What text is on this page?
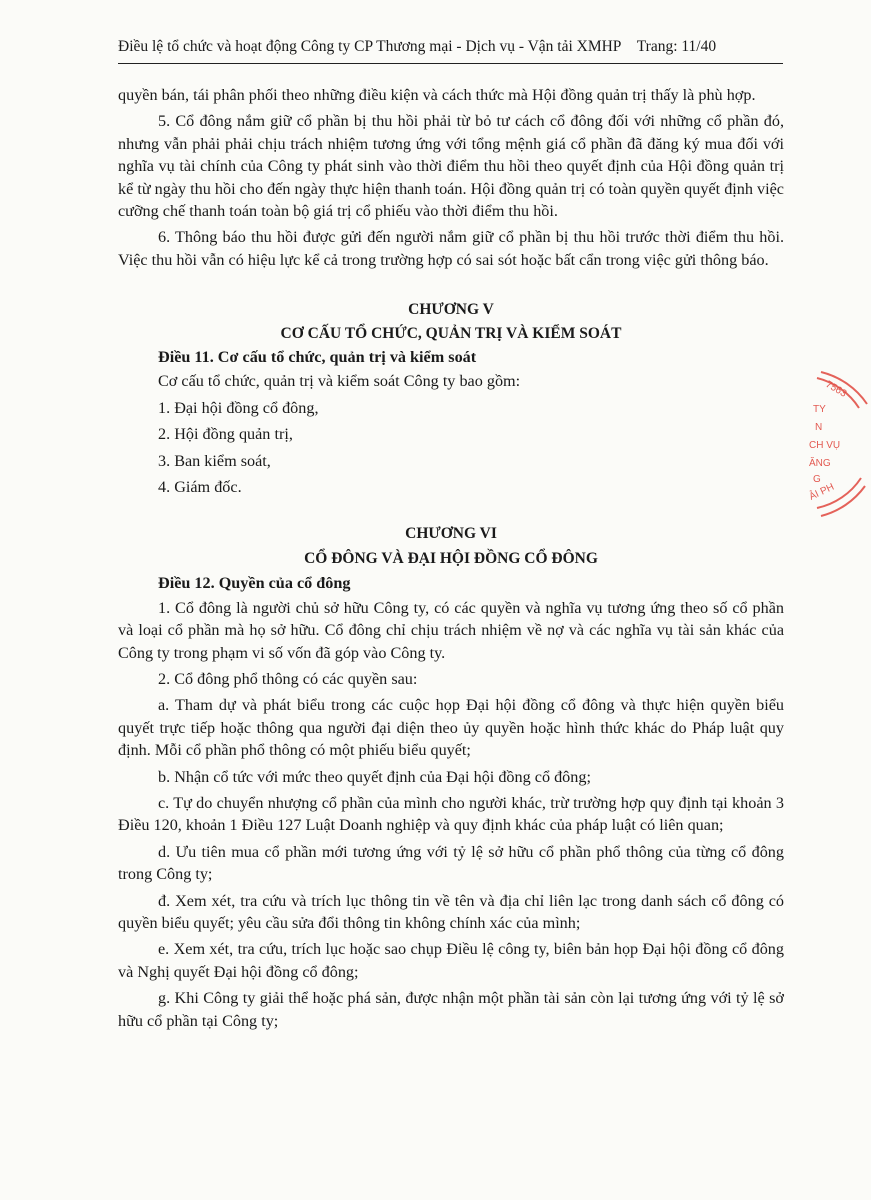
Điều lệ tổ chức và hoạt động Công ty CP Thương mại - Dịch vụ - Vận tải XMHP Trang: 11/40

quyền bán, tái phân phối theo những điều kiện và cách thức mà Hội đồng quản trị thấy là phù hợp.

5. Cổ đông nắm giữ cổ phần bị thu hồi phải từ bỏ tư cách cổ đông đối với những cổ phần đó, nhưng vẫn phải phải chịu trách nhiệm tương ứng với tổng mệnh giá cổ phần đã đăng ký mua đối với nghĩa vụ tài chính của Công ty phát sinh vào thời điểm thu hồi theo quyết định của Hội đồng quản trị kể từ ngày thu hồi cho đến ngày thực hiện thanh toán. Hội đồng quản trị có toàn quyền quyết định việc cưỡng chế thanh toán toàn bộ giá trị cổ phiếu vào thời điểm thu hồi.

6. Thông báo thu hồi được gửi đến người nắm giữ cổ phần bị thu hồi trước thời điểm thu hồi. Việc thu hồi vẫn có hiệu lực kể cả trong trường hợp có sai sót hoặc bất cẩn trong việc gửi thông báo.

CHƯƠNG V

CƠ CẤU TỔ CHỨC, QUẢN TRỊ VÀ KIỂM SOÁT

Điều 11. Cơ cấu tổ chức, quản trị và kiểm soát

Cơ cấu tổ chức, quản trị và kiểm soát Công ty bao gồm:

1. Đại hội đồng cổ đông,

2. Hội đồng quản trị,

3. Ban kiểm soát,

4. Giám đốc.

CHƯƠNG VI

CỔ ĐÔNG VÀ ĐẠI HỘI ĐỒNG CỔ ĐÔNG

Điều 12. Quyền của cổ đông

1. Cổ đông là người chủ sở hữu Công ty, có các quyền và nghĩa vụ tương ứng theo số cổ phần và loại cổ phần mà họ sở hữu. Cổ đông chỉ chịu trách nhiệm về nợ và các nghĩa vụ tài sản khác của Công ty trong phạm vi số vốn đã góp vào Công ty.

2. Cổ đông phổ thông có các quyền sau:

a. Tham dự và phát biểu trong các cuộc họp Đại hội đồng cổ đông và thực hiện quyền biểu quyết trực tiếp hoặc thông qua người đại diện theo ủy quyền hoặc hình thức khác do Pháp luật quy định. Mỗi cổ phần phổ thông có một phiếu biểu quyết;

b. Nhận cổ tức với mức theo quyết định của Đại hội đồng cổ đông;

c. Tự do chuyển nhượng cổ phần của mình cho người khác, trừ trường hợp quy định tại khoản 3 Điều 120, khoản 1 Điều 127 Luật Doanh nghiệp và quy định khác của pháp luật có liên quan;

d. Ưu tiên mua cổ phần mới tương ứng với tỷ lệ sở hữu cổ phần phổ thông của từng cổ đông trong Công ty;

đ. Xem xét, tra cứu và trích lục thông tin về tên và địa chỉ liên lạc trong danh sách cổ đông có quyền biểu quyết; yêu cầu sửa đổi thông tin không chính xác của mình;

e. Xem xét, tra cứu, trích lục hoặc sao chụp Điều lệ công ty, biên bản họp Đại hội đồng cổ đông và Nghị quyết Đại hội đồng cổ đông;

g. Khi Công ty giải thể hoặc phá sản, được nhận một phần tài sản còn lại tương ứng với tỷ lệ sở hữu cổ phần tại Công ty;

7563
TY
N
CH VỤ
ĂNG
G
ẢI PH
